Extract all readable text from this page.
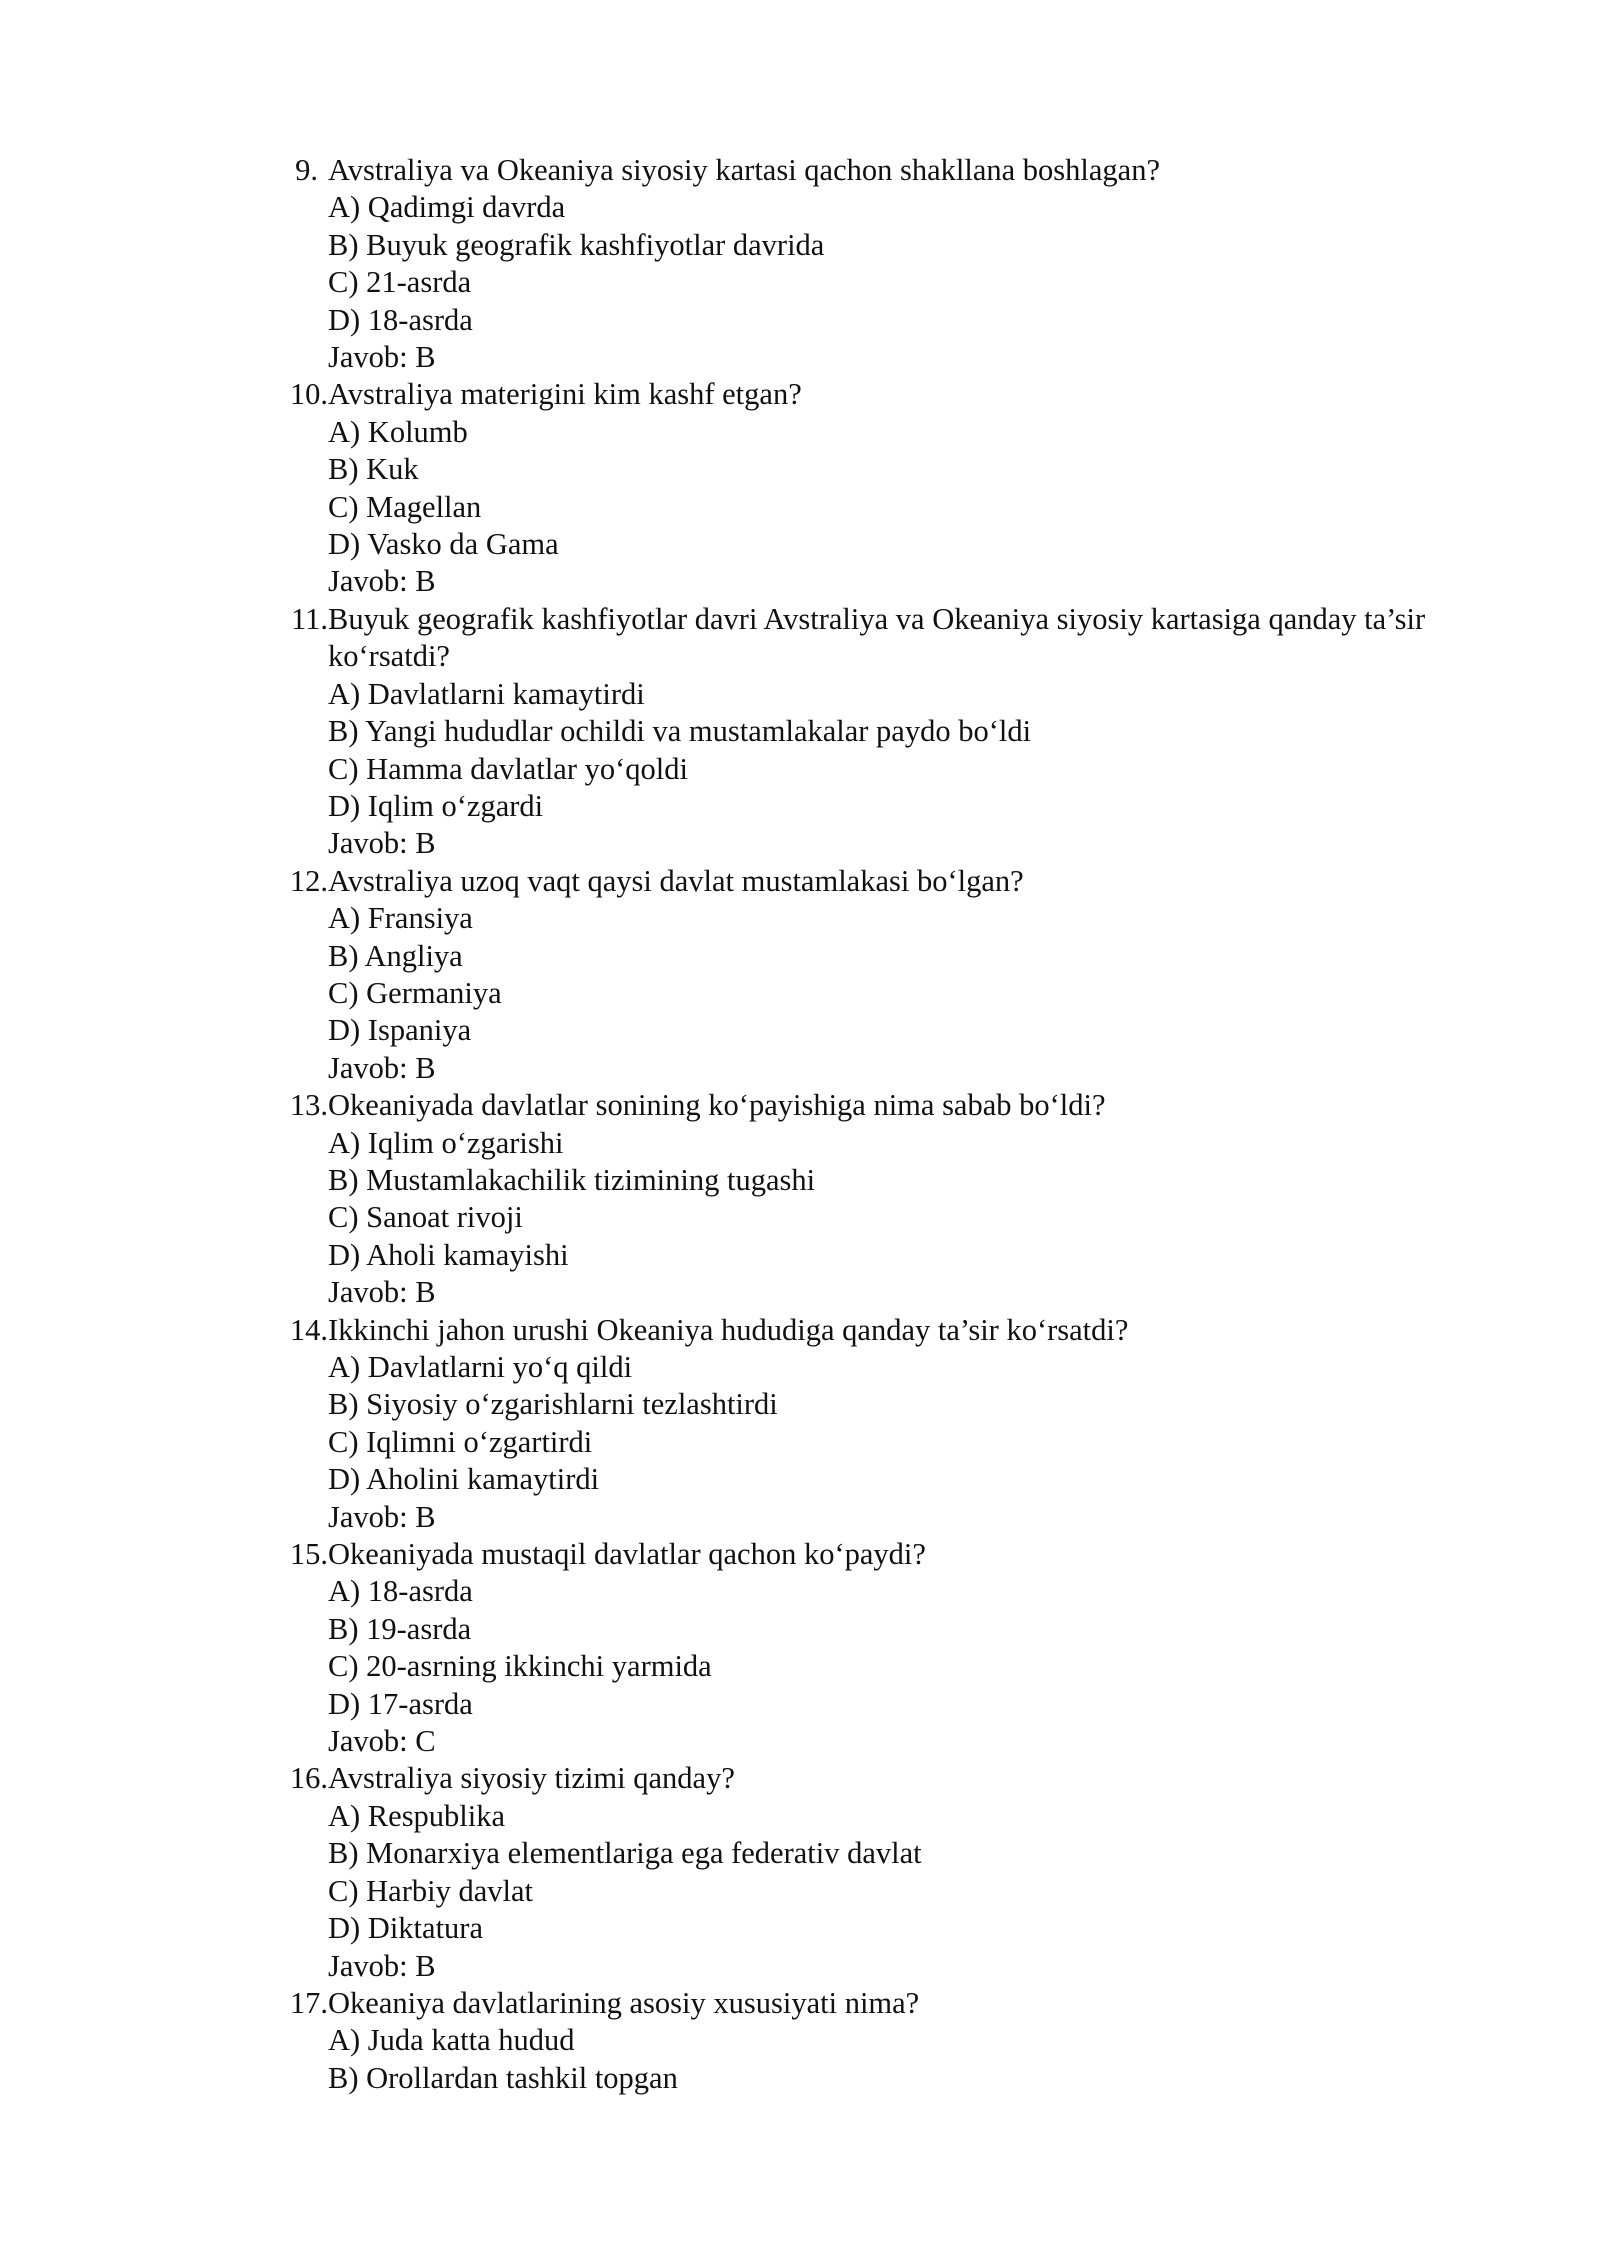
9. Avstraliya va Okeaniya siyosiy kartasi qachon shakllana boshlagan?
A) Qadimgi davrda
B) Buyuk geografik kashfiyotlar davrida
C) 21-asrda
D) 18-asrda
Javob: B
10. Avstraliya materigini kim kashf etgan?
A) Kolumb
B) Kuk
C) Magellan
D) Vasko da Gama
Javob: B
11. Buyuk geografik kashfiyotlar davri Avstraliya va Okeaniya siyosiy kartasiga qanday ta’sir ko‘rsatdi?
A) Davlatlarni kamaytirdi
B) Yangi hududlar ochildi va mustamlakalar paydo bo‘ldi
C) Hamma davlatlar yo‘qoldi
D) Iqlim o‘zgardi
Javob: B
12. Avstraliya uzoq vaqt qaysi davlat mustamlakasi bo‘lgan?
A) Fransiya
B) Angliya
C) Germaniya
D) Ispaniya
Javob: B
13. Okeaniyada davlatlar sonining ko‘payishiga nima sabab bo‘ldi?
A) Iqlim o‘zgarishi
B) Mustamlakachilik tizimining tugashi
C) Sanoat rivoji
D) Aholi kamayishi
Javob: B
14. Ikkinchi jahon urushi Okeaniya hududiga qanday ta’sir ko‘rsatdi?
A) Davlatlarni yo‘q qildi
B) Siyosiy o‘zgarishlarni tezlashtirdi
C) Iqlimni o‘zgartirdi
D) Aholini kamaytirdi
Javob: B
15. Okeaniyada mustaqil davlatlar qachon ko‘paydi?
A) 18-asrda
B) 19-asrda
C) 20-asrning ikkinchi yarmida
D) 17-asrda
Javob: C
16. Avstraliya siyosiy tizimi qanday?
A) Respublika
B) Monarxiya elementlariga ega federativ davlat
C) Harbiy davlat
D) Diktatura
Javob: B
17. Okeaniya davlatlarining asosiy xususiyati nima?
A) Juda katta hudud
B) Orollardan tashkil topgan
